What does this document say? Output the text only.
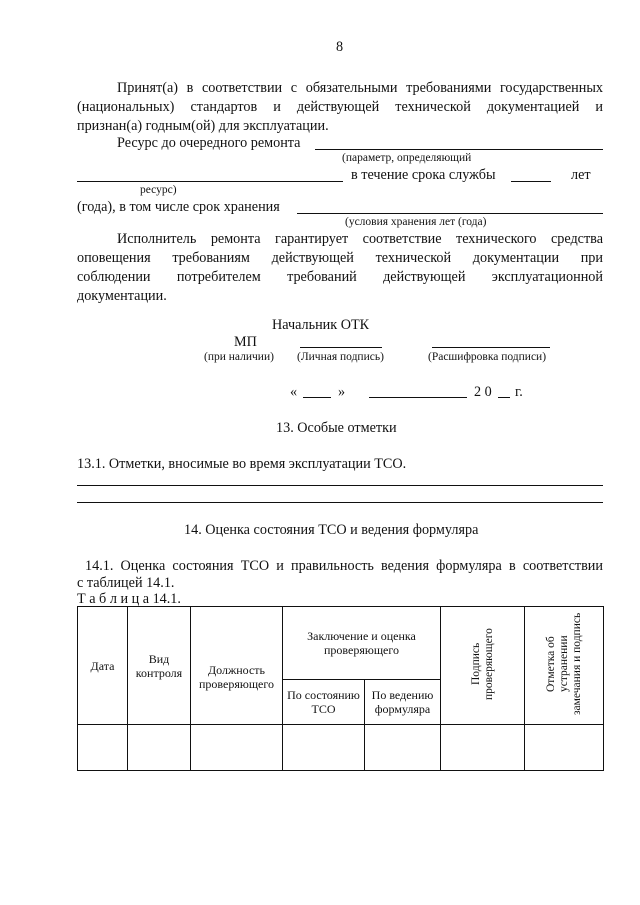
8
Принят(а) в соответствии с обязательными требованиями государственных
(национальных) стандартов и действующей технической документацией и
признан(а) годным(ой) для эксплуатации.
Ресурс до очередного ремонта
(параметр, определяющий
в течение срока службы	лет
ресурс)
(года), в том числе срок хранения
(условия хранения лет (года)
Исполнитель ремонта гарантирует соответствие технического средства
оповещения требованиям действующей технической документации при
соблюдении потребителем требований действующей эксплуатационной
документации.
Начальник ОТК
МП
(при наличии) (Личная подпись)	(Расшифровка подписи)
«	»	2 0 г.
13. Особые отметки
13.1. Отметки, вносимые во время эксплуатации ТСО.
14. Оценка состояния ТСО и ведения формуляра
14.1. Оценка состояния ТСО и правильность ведения формуляра в соответствии
с таблицей 14.1.
Т а б л и ц а 14.1.
Дата	Вид контроля	Должность проверяющего	Заключение и оценка проверяющего		Подпись проверяющего	Отметка об устранении замечания и подпись
			По состоянию ТСО	По ведению формуляра		
